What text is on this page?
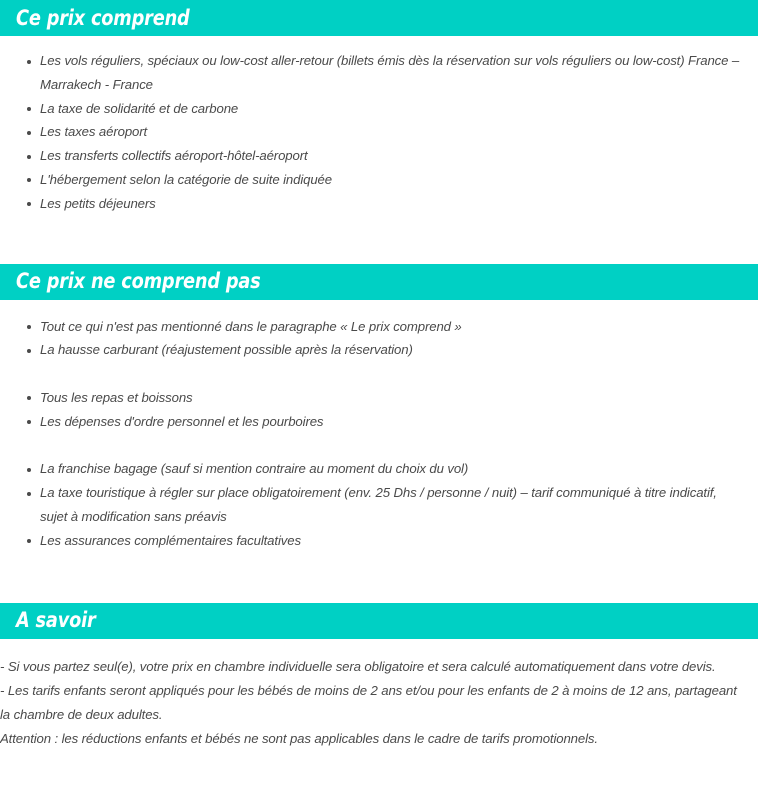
Ce prix comprend
Les vols réguliers, spéciaux ou low-cost aller-retour (billets émis dès la réservation sur vols réguliers ou low-cost) France – Marrakech - France
La taxe de solidarité et de carbone
Les taxes aéroport
Les transferts collectifs aéroport-hôtel-aéroport
L'hébergement selon la catégorie de suite indiquée
Les petits déjeuners
Ce prix ne comprend pas
Tout ce qui n'est pas mentionné dans le paragraphe « Le prix comprend »
La hausse carburant (réajustement possible après la réservation)
Tous les repas et boissons
Les dépenses d'ordre personnel et les pourboires
La franchise bagage (sauf si mention contraire au moment du choix du vol)
La taxe touristique à régler sur place obligatoirement (env. 25 Dhs / personne / nuit) – tarif communiqué à titre indicatif, sujet à modification sans préavis
Les assurances complémentaires facultatives
A savoir

- Si vous partez seul(e), votre prix en chambre individuelle sera obligatoire et sera calculé automatiquement dans votre devis.

- Les tarifs enfants seront appliqués pour les bébés de moins de 2 ans et/ou pour les enfants de 2 à moins de 12 ans, partageant la chambre de deux adultes.

Attention : les réductions enfants et bébés ne sont pas applicables dans le cadre de tarifs promotionnels.
